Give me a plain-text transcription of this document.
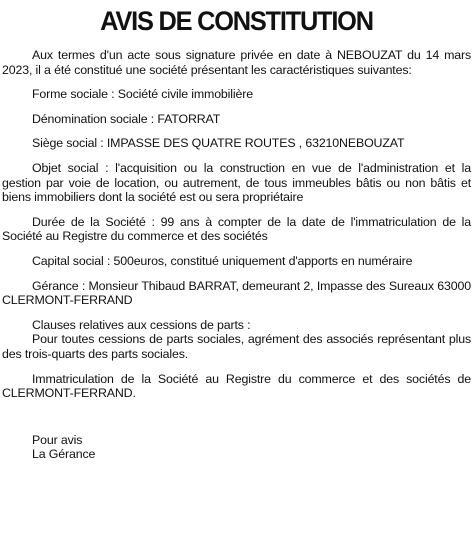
AVIS DE CONSTITUTION

Aux termes d'un acte sous signature privée en date à NEBOUZAT du 14 mars 2023, il a été constitué une société présentant les caractéristiques suivantes:

Forme sociale : Société civile immobilière

Dénomination sociale : FATORRAT

Siège social : IMPASSE DES QUATRE ROUTES , 63210NEBOUZAT

Objet social : l'acquisition ou la construction en vue de l'administration et la gestion par voie de location, ou autrement, de tous immeubles bâtis ou non bâtis et biens immobiliers dont la société est ou sera propriétaire

Durée de la Société : 99 ans à compter de la date de l'immatriculation de la Société au Registre du commerce et des sociétés

Capital social : 500euros, constitué uniquement d'apports en numéraire

Gérance : Monsieur Thibaud BARRAT, demeurant 2, Impasse des Sureaux 63000 CLERMONT-FERRAND

Clauses relatives aux cessions de parts :

Pour toutes cessions de parts sociales, agrément des associés représentant plus des trois-quarts des parts sociales.

Immatriculation de la Société au Registre du commerce et des sociétés de CLERMONT-FERRAND.

Pour avis

La Gérance
